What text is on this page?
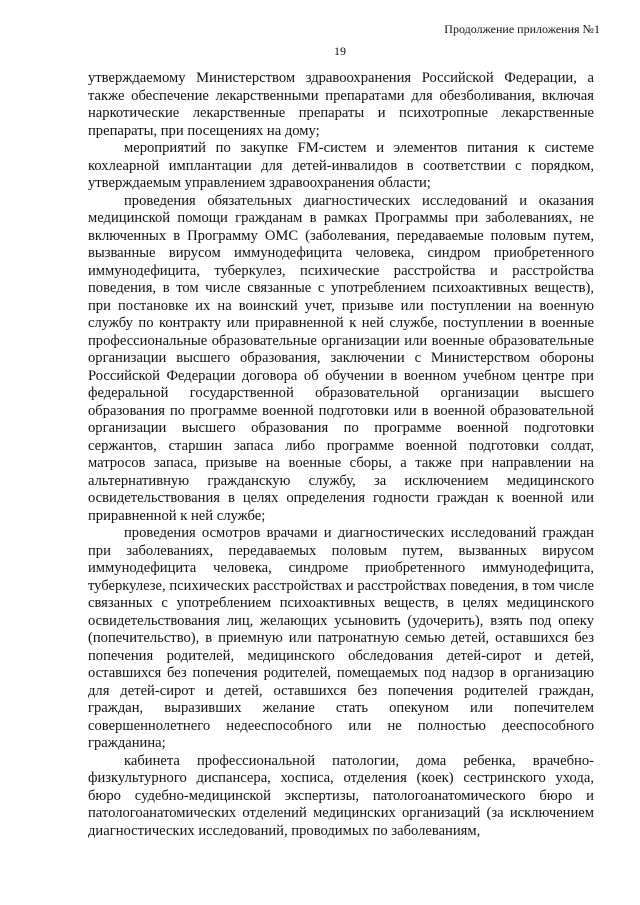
Продолжение приложения №1
19

утверждаемому Министерством здравоохранения Российской Федерации, а также обеспечение лекарственными препаратами для обезболивания, включая наркотические лекарственные препараты и психотропные лекарственные препараты, при посещениях на дому;

мероприятий по закупке FM-систем и элементов питания к системе кохлеарной имплантации для детей-инвалидов в соответствии с порядком, утверждаемым управлением здравоохранения области;

проведения обязательных диагностических исследований и оказания медицинской помощи гражданам в рамках Программы при заболеваниях, не включенных в Программу ОМС (заболевания, передаваемые половым путем, вызванные вирусом иммунодефицита человека, синдром приобретенного иммунодефицита, туберкулез, психические расстройства и расстройства поведения, в том числе связанные с употреблением психоактивных веществ), при постановке их на воинский учет, призыве или поступлении на военную службу по контракту или приравненной к ней службе, поступлении в военные профессиональные образовательные организации или военные образовательные организации высшего образования, заключении с Министерством обороны Российской Федерации договора об обучении в военном учебном центре при федеральной государственной образовательной организации высшего образования по программе военной подготовки или в военной образовательной организации высшего образования по программе военной подготовки сержантов, старшин запаса либо программе военной подготовки солдат, матросов запаса, призыве на военные сборы, а также при направлении на альтернативную гражданскую службу, за исключением медицинского освидетельствования в целях определения годности граждан к военной или приравненной к ней службе;

проведения осмотров врачами и диагностических исследований граждан при заболеваниях, передаваемых половым путем, вызванных вирусом иммунодефицита человека, синдроме приобретенного иммунодефицита, туберкулезе, психических расстройствах и расстройствах поведения, в том числе связанных с употреблением психоактивных веществ, в целях медицинского освидетельствования лиц, желающих усыновить (удочерить), взять под опеку (попечительство), в приемную или патронатную семью детей, оставшихся без попечения родителей, медицинского обследования детей-сирот и детей, оставшихся без попечения родителей, помещаемых под надзор в организацию для детей-сирот и детей, оставшихся без попечения родителей граждан, граждан, выразивших желание стать опекуном или попечителем совершеннолетнего недееспособного или не полностью дееспособного гражданина;

кабинета профессиональной патологии, дома ребенка, врачебно-физкультурного диспансера, хосписа, отделения (коек) сестринского ухода, бюро судебно-медицинской экспертизы, патологоанатомического бюро и патологоанатомических отделений медицинских организаций (за исключением диагностических исследований, проводимых по заболеваниям,
